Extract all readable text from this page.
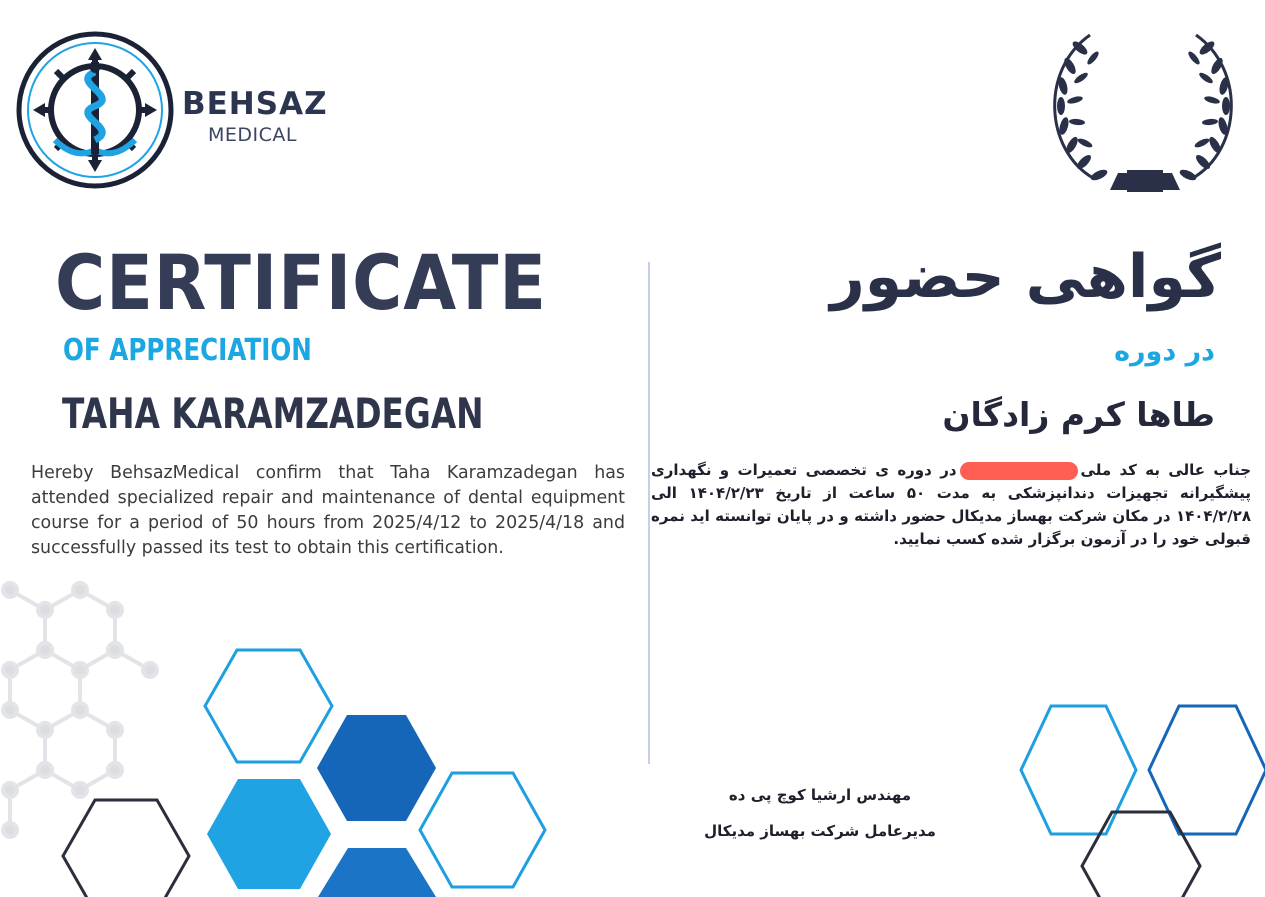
BEHSAZ
MEDICAL
CERTIFICATE
OF APPRECIATION
TAHA KARAMZADEGAN
Hereby BehsazMedical confirm that Taha Karamzadegan has attended specialized repair and maintenance of dental equipment course for a period of 50 hours from 2025/4/12 to 2025/4/18 and successfully passed its test to obtain this certification.
گواهی حضور
در دوره
طاها کرم زادگان
جناب عالی به کد ملیدر دوره ی تخصصی تعمیرات و نگهداری پیشگیرانه تجهیزات دندانپزشکی به مدت ۵۰ ساعت از تاریخ ۱۴۰۴/۲/۲۳ الی ۱۴۰۴/۲/۲۸ در مکان شرکت بهساز مدیکال حضور داشته و در پایان توانسته اید نمره قبولی خود را در آزمون برگزار شده کسب نمایید.
مهندس ارشیا کوچ پی ده
مدیرعامل شرکت بهساز مدیکال
